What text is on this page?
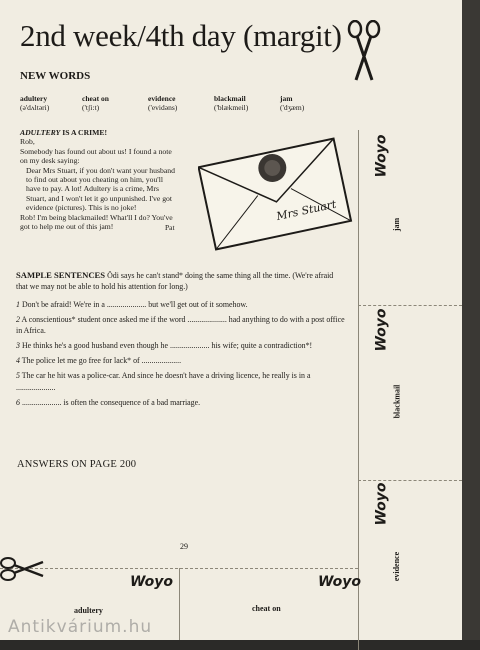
2nd week/4th day (margit)
NEW WORDS
adultery
(ə'dʌltəri)
cheat on
('tʃi:t)
evidence
('evidəns)
blackmail
('blækmeil)
jam
('dʒæm)
ADULTERY IS A CRIME!
Rob,
Somebody has found out about us! I found a note on my desk saying:
Dear Mrs Stuart, if you don't want your husband to find out about you cheating on him, you'll have to pay. A lot! Adultery is a crime, Mrs Stuart, and I won't let it go unpunished. I've got evidence (pictures). This is no joke!
Rob! I'm being blackmailed! What'll I do? You've got to help me out of this jam!	Pat
Mrs Stuart

SAMPLE SENTENCES Ödi says he can't stand* doing the same thing all the time. (We're afraid that we may not be able to hold his attention for long.)

1 Don't be afraid! We're in a .................... but we'll get out of it somehow.

2 A conscientious* student once asked me if the word .................... had anything to do with a post office in Africa.

3 He thinks he's a good husband even though he .................... his wife; quite a contradiction*!

4 The police let me go free for lack* of ....................

5 The car he hit was a police-car. And since he doesn't have a driving licence, he really is in a ....................

6 .................... is often the consequence of a bad marriage.

ANSWERS ON PAGE 200
29
Woyo
jam
Woyo
blackmail
Woyo
evidence
Woyo
adultery
Woyo
cheat on
Antikvárium.hu
